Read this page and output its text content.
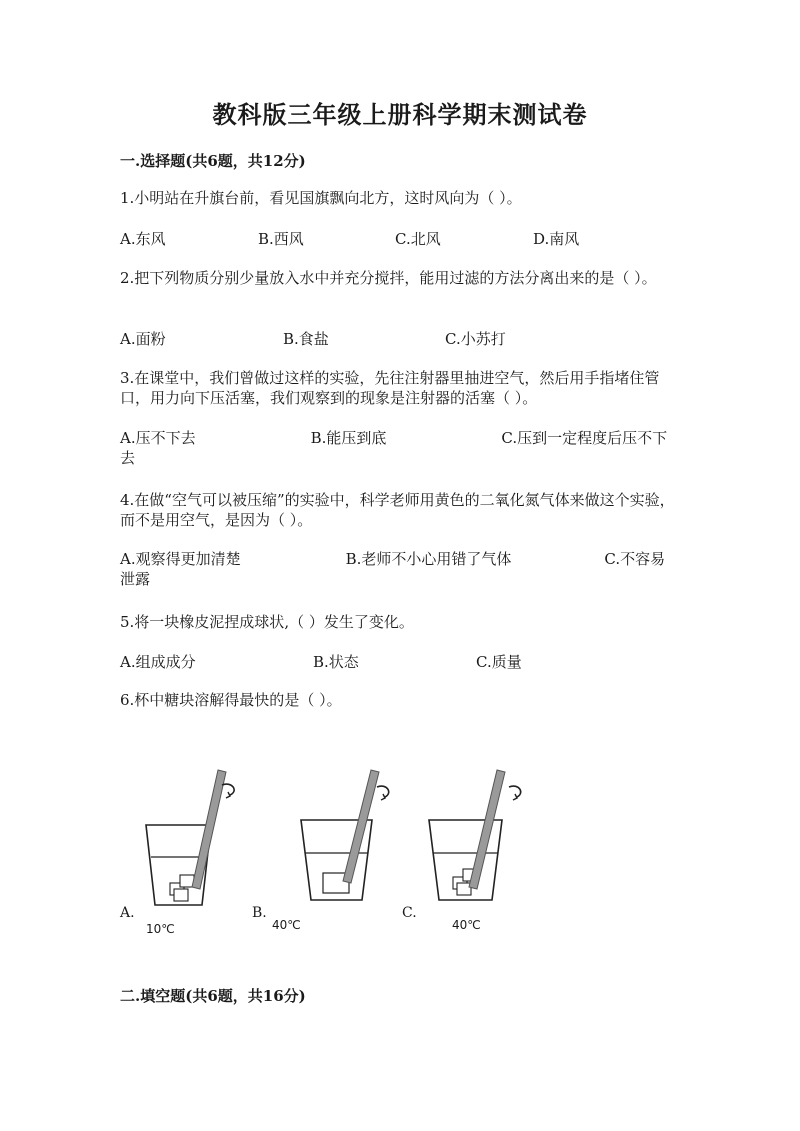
教科版三年级上册科学期末测试卷
一.选择题(共6题，共12分)
1.小明站在升旗台前，看见国旗飘向北方，这时风向为（ ）。
A.东风	B.西风	C.北风	D.南风
2.把下列物质分别少量放入水中并充分搅拌，能用过滤的方法分离出来的是（ ）。
A.面粉	B.食盐	C.小苏打
3.在课堂中，我们曾做过这样的实验，先往注射器里抽进空气，然后用手指堵住管口，用力向下压活塞，我们观察到的现象是注射器的活塞（ ）。
A.压不下去	B.能压到底	C.压到一定程度后压不下去
4.在做“空气可以被压缩”的实验中，科学老师用黄色的二氧化氮气体来做这个实验，而不是用空气，是因为（ ）。
A.观察得更加清楚	B.老师不小心用错了气体	C.不容易泄露
5.将一块橡皮泥捏成球状,（ ）发生了变化。
A.组成成分	B.状态	C.质量
6.杯中糖块溶解得最快的是（ ）。
A.
10℃
B.
40℃
C.
40℃
二.填空题(共6题，共16分)
